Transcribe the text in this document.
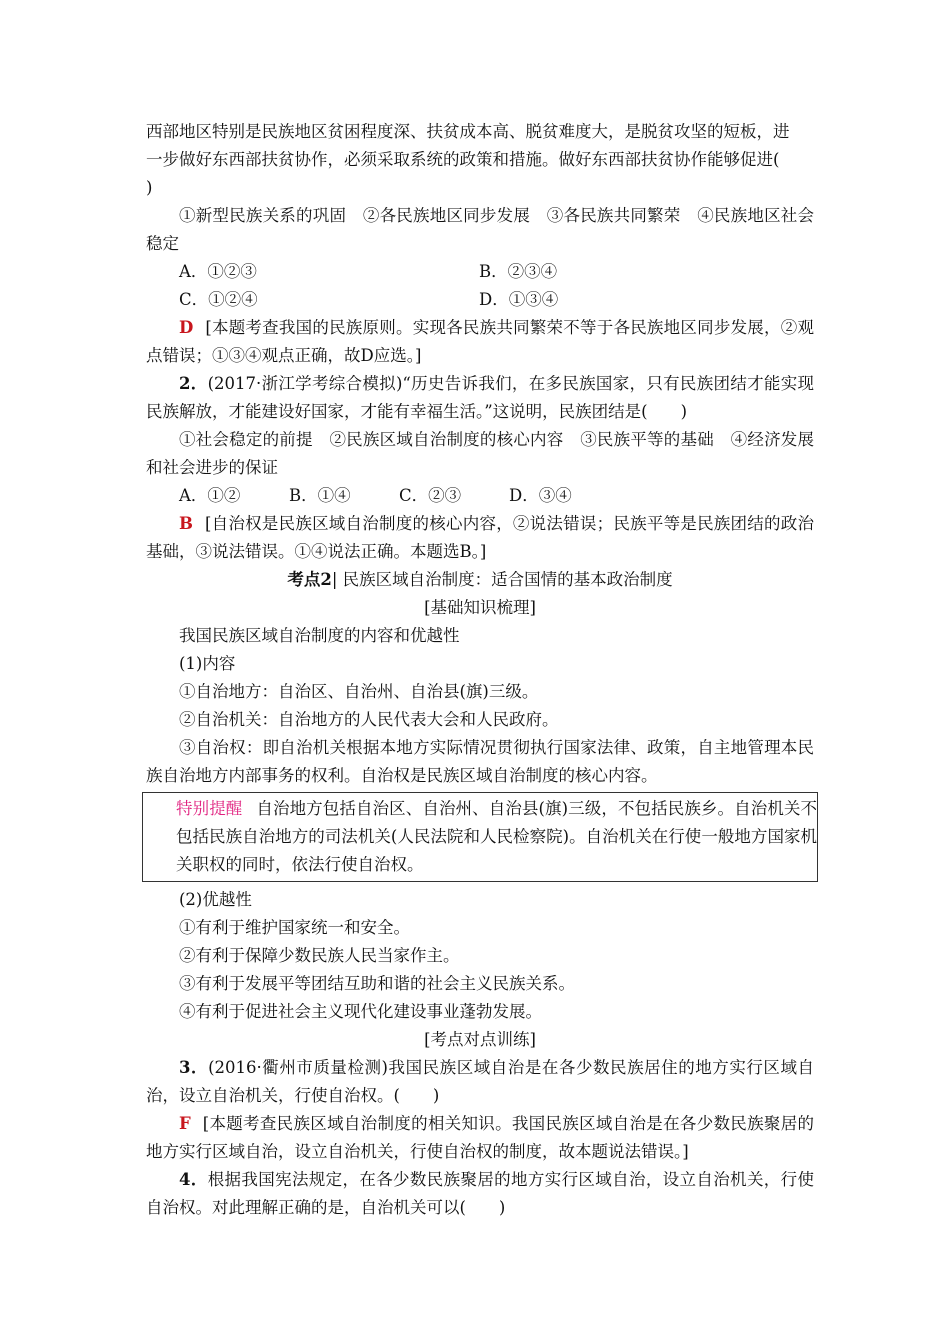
西部地区特别是民族地区贫困程度深、扶贫成本高、脱贫难度大，是脱贫攻坚的短板，进

一步做好东西部扶贫协作，必须采取系统的政策和措施。做好东西部扶贫协作能够促进(

)

①新型民族关系的巩固　②各民族地区同步发展　③各民族共同繁荣　④民族地区社会稳定

A．①②③	B．②③④
C．①②④	D．①③④

D [本题考查我国的民族原则。实现各民族共同繁荣不等于各民族地区同步发展，②观点错误；①③④观点正确，故D应选。]

2．(2017·浙江学考综合模拟)“历史告诉我们，在多民族国家，只有民族团结才能实现民族解放，才能建设好国家，才能有幸福生活。”这说明，民族团结是(　　)

①社会稳定的前提　②民族区域自治制度的核心内容　③民族平等的基础　④经济发展和社会进步的保证

A．①②	B．①④	C．②③	D．③④

B [自治权是民族区域自治制度的核心内容，②说法错误；民族平等是民族团结的政治基础，③说法错误。①④说法正确。本题选B。]

考点2| 民族区域自治制度：适合国情的基本政治制度
[基础知识梳理]

我国民族区域自治制度的内容和优越性

(1)内容

①自治地方：自治区、自治州、自治县(旗)三级。

②自治机关：自治地方的人民代表大会和人民政府。

③自治权：即自治机关根据本地方实际情况贯彻执行国家法律、政策，自主地管理本民族自治地方内部事务的权利。自治权是民族区域自治制度的核心内容。

特别提醒 自治地方包括自治区、自治州、自治县(旗)三级，不包括民族乡。自治机关不包括民族自治地方的司法机关(人民法院和人民检察院)。自治机关在行使一般地方国家机关职权的同时，依法行使自治权。

(2)优越性

①有利于维护国家统一和安全。

②有利于保障少数民族人民当家作主。

③有利于发展平等团结互助和谐的社会主义民族关系。

④有利于促进社会主义现代化建设事业蓬勃发展。

[考点对点训练]

3．(2016·衢州市质量检测)我国民族区域自治是在各少数民族居住的地方实行区域自治，设立自治机关，行使自治权。(　　)

F [本题考查民族区域自治制度的相关知识。我国民族区域自治是在各少数民族聚居的地方实行区域自治，设立自治机关，行使自治权的制度，故本题说法错误。]

4．根据我国宪法规定，在各少数民族聚居的地方实行区域自治，设立自治机关，行使自治权。对此理解正确的是，自治机关可以(　　)
